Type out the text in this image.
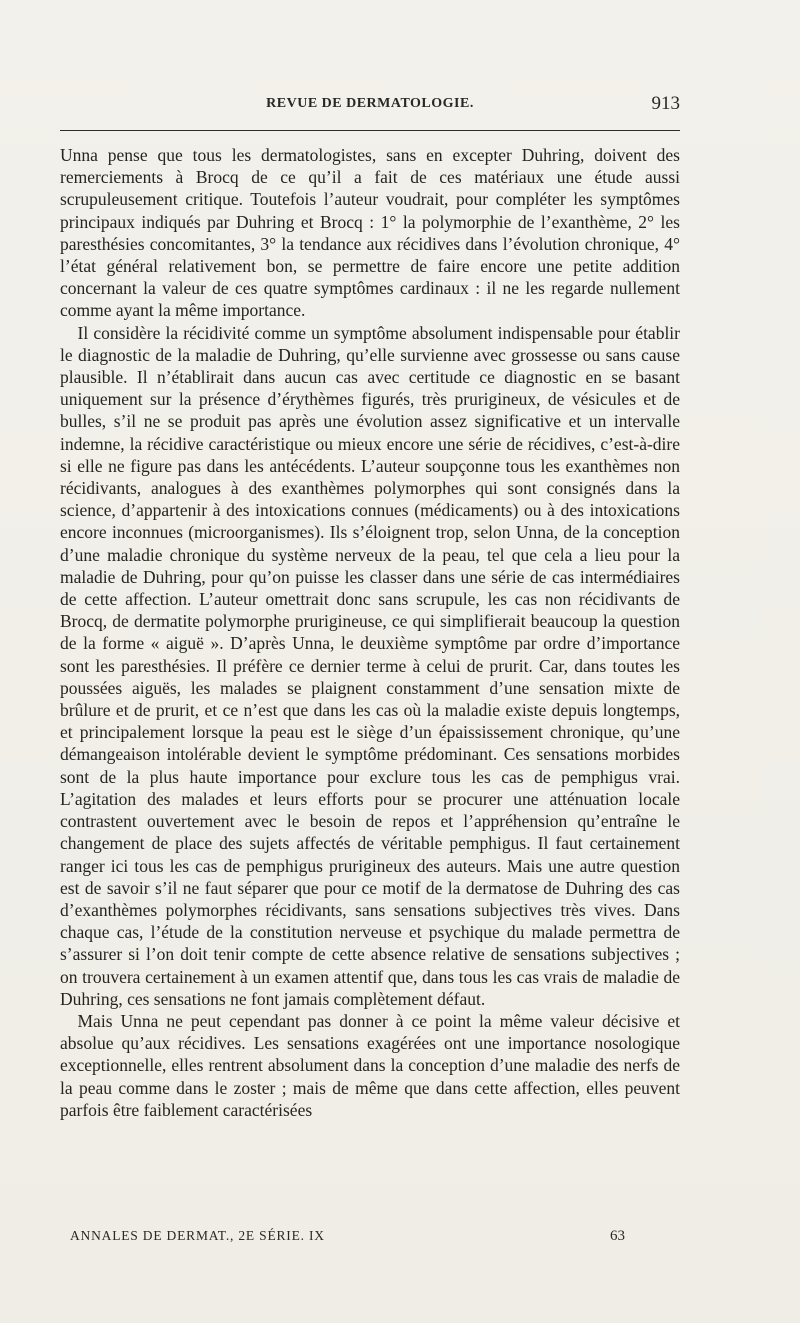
REVUE DE DERMATOLOGIE.	913

Unna pense que tous les dermatologistes, sans en excepter Duhring, doivent des remerciements à Brocq de ce qu’il a fait de ces matériaux une étude aussi scrupuleusement critique. Toutefois l’auteur voudrait, pour compléter les symptômes principaux indiqués par Duhring et Brocq : 1° la polymorphie de l’exanthème, 2° les paresthésies concomitantes, 3° la tendance aux récidives dans l’évolution chronique, 4° l’état général relativement bon, se permettre de faire encore une petite addition concernant la valeur de ces quatre symptômes cardinaux : il ne les regarde nullement comme ayant la même importance.

Il considère la récidivité comme un symptôme absolument indispensable pour établir le diagnostic de la maladie de Duhring, qu’elle survienne avec grossesse ou sans cause plausible. Il n’établirait dans aucun cas avec certitude ce diagnostic en se basant uniquement sur la présence d’érythèmes figurés, très prurigineux, de vésicules et de bulles, s’il ne se produit pas après une évolution assez significative et un intervalle indemne, la récidive caractéristique ou mieux encore une série de récidives, c’est-à-dire si elle ne figure pas dans les antécédents. L’auteur soupçonne tous les exanthèmes non récidivants, analogues à des exanthèmes polymorphes qui sont consignés dans la science, d’appartenir à des intoxications connues (médicaments) ou à des intoxications encore inconnues (microorganismes). Ils s’éloignent trop, selon Unna, de la conception d’une maladie chronique du système nerveux de la peau, tel que cela a lieu pour la maladie de Duhring, pour qu’on puisse les classer dans une série de cas intermédiaires de cette affection. L’auteur omettrait donc sans scrupule, les cas non récidivants de Brocq, de dermatite polymorphe prurigineuse, ce qui simplifierait beaucoup la question de la forme « aiguë ». D’après Unna, le deuxième symptôme par ordre d’importance sont les paresthésies. Il préfère ce dernier terme à celui de prurit. Car, dans toutes les poussées aiguës, les malades se plaignent constamment d’une sensation mixte de brûlure et de prurit, et ce n’est que dans les cas où la maladie existe depuis longtemps, et principalement lorsque la peau est le siège d’un épaississement chronique, qu’une démangeaison intolérable devient le symptôme prédominant. Ces sensations morbides sont de la plus haute importance pour exclure tous les cas de pemphigus vrai. L’agitation des malades et leurs efforts pour se procurer une atténuation locale contrastent ouvertement avec le besoin de repos et l’appréhension qu’entraîne le changement de place des sujets affectés de véritable pemphigus. Il faut certainement ranger ici tous les cas de pemphigus prurigineux des auteurs. Mais une autre question est de savoir s’il ne faut séparer que pour ce motif de la dermatose de Duhring des cas d’exanthèmes polymorphes récidivants, sans sensations subjectives très vives. Dans chaque cas, l’étude de la constitution nerveuse et psychique du malade permettra de s’assurer si l’on doit tenir compte de cette absence relative de sensations subjectives ; on trouvera certainement à un examen attentif que, dans tous les cas vrais de maladie de Duhring, ces sensations ne font jamais complètement défaut.

Mais Unna ne peut cependant pas donner à ce point la même valeur décisive et absolue qu’aux récidives. Les sensations exagérées ont une importance nosologique exceptionnelle, elles rentrent absolument dans la conception d’une maladie des nerfs de la peau comme dans le zoster ; mais de même que dans cette affection, elles peuvent parfois être faiblement caractérisées

ANNALES DE DERMAT., 2E SÉRIE. IX	63
